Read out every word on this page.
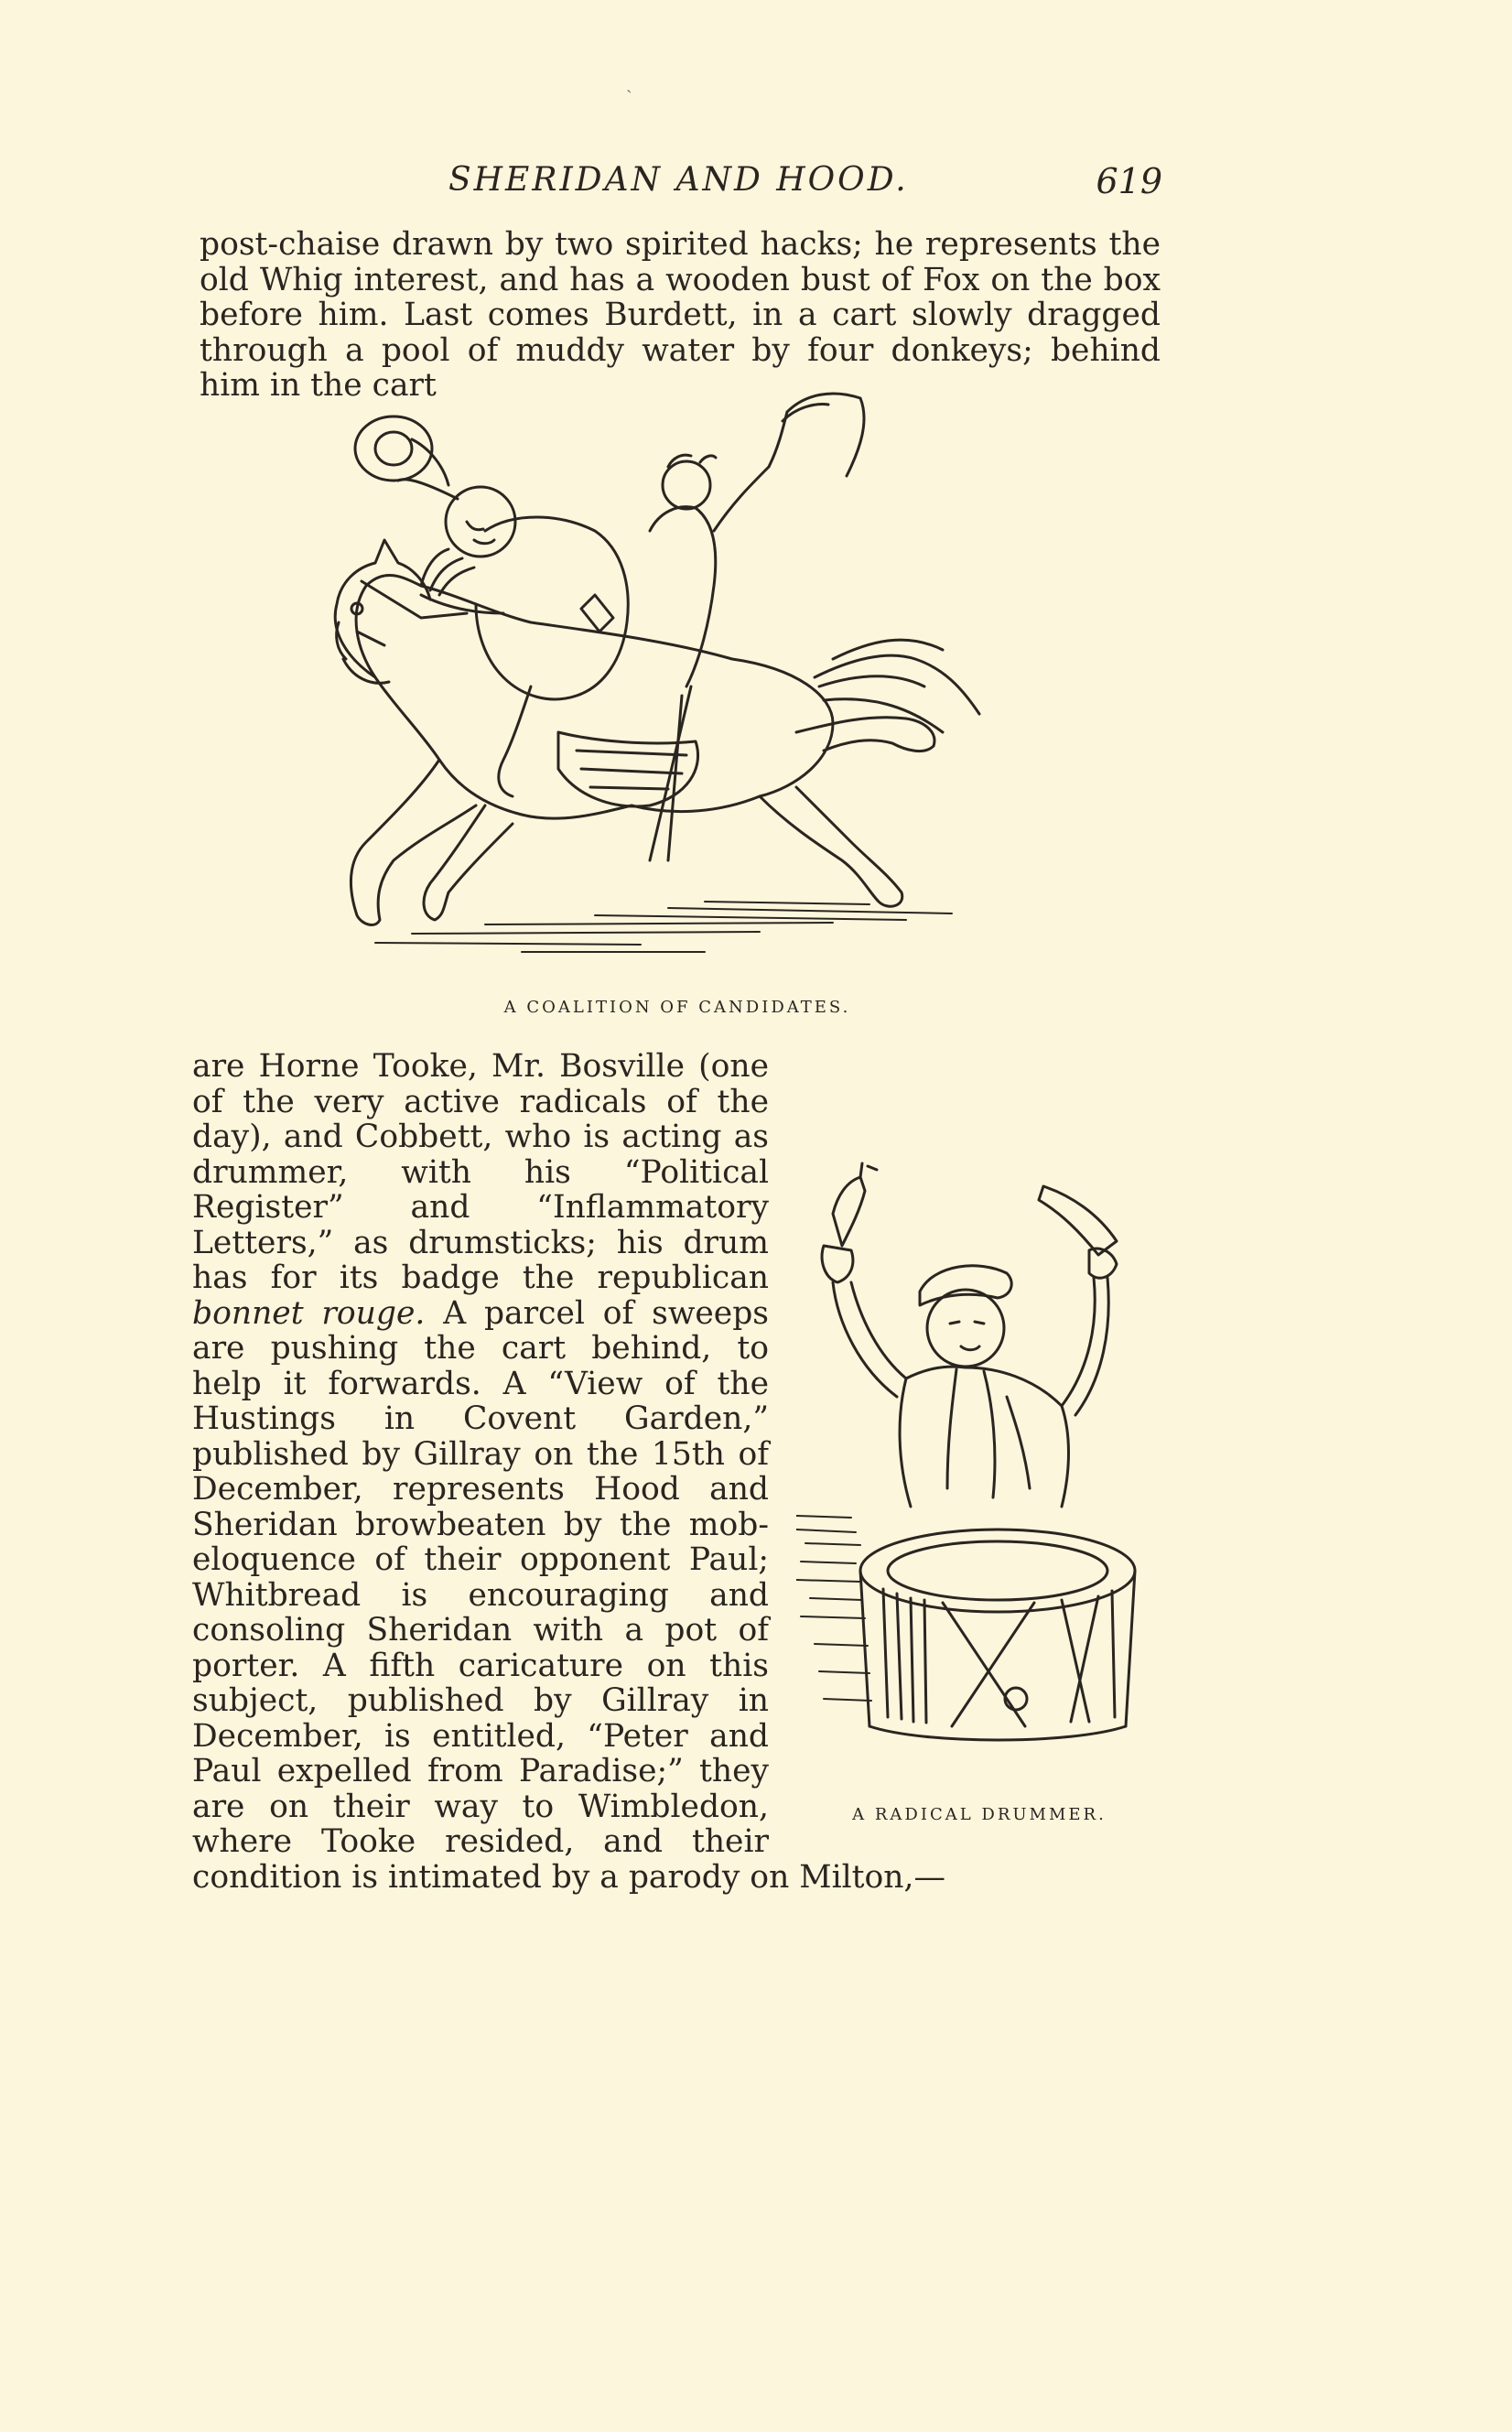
ˏ
SHERIDAN AND HOOD.	619

post-chaise drawn by two spirited hacks; he represents the old Whig interest, and has a wooden bust of Fox on the box before him. Last comes Burdett, in a cart slowly dragged through a pool of muddy water by four donkeys; behind him in the cart

A COALITION OF CANDIDATES.
A RADICAL DRUMMER.
are Horne Tooke, Mr. Bosville (one of the very active radicals of the day), and Cobbett, who is acting as drummer, with his “Political Register” and “Inflammatory Letters,” as drumsticks; his drum has for its badge the republican bonnet rouge. A parcel of sweeps are pushing the cart behind, to help it forwards. A “View of the Hustings in Covent Garden,” published by Gillray on the 15th of December, represents Hood and Sheridan browbeaten by the mob-eloquence of their opponent Paul; Whitbread is encouraging and consoling Sheridan with a pot of porter. A fifth caricature on this subject, published by Gillray in December, is entitled, “Peter and Paul expelled from Paradise;” they are on their way to Wimbledon, where Tooke resided, and their condition is intimated by a parody on Milton,—
